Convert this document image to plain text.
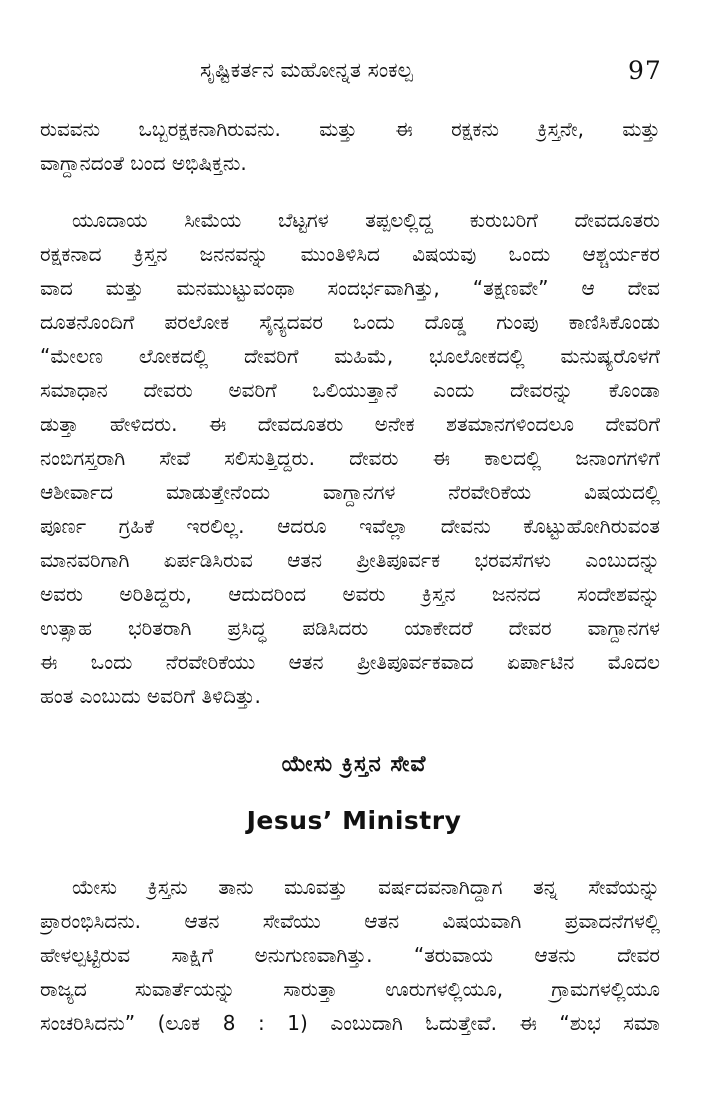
ಸೃಷ್ಟಿಕರ್ತನ ಮಹೋನ್ನತ ಸಂಕಲ್ಪ	97
ರುವವನು ಒಬ್ಬರಕ್ಷಕನಾಗಿರುವನು. ಮತ್ತು ಈ ರಕ್ಷಕನು ಕ್ರಿಸ್ತನೇ, ಮತ್ತು
ವಾಗ್ದಾನದಂತೆ ಬಂದ ಅಭಿಷಿಕ್ತನು.
ಯೂದಾಯ ಸೀಮೆಯ ಬೆಟ್ಟಗಳ ತಪ್ಪಲಲ್ಲಿದ್ದ ಕುರುಬರಿಗೆ ದೇವದೂತರು
ರಕ್ಷಕನಾದ ಕ್ರಿಸ್ತನ ಜನನವನ್ನು ಮುಂತಿಳಿಸಿದ ವಿಷಯವು ಒಂದು ಆಶ್ಚರ್ಯಕರ
ವಾದ ಮತ್ತು ಮನಮುಟ್ಟುವಂಥಾ ಸಂದರ್ಭವಾಗಿತ್ತು, “ತಕ್ಷಣವೇ” ಆ ದೇವ
ದೂತನೊಂದಿಗೆ ಪರಲೋಕ ಸೈನ್ಯದವರ ಒಂದು ದೊಡ್ಡ ಗುಂಪು ಕಾಣಿಸಿಕೊಂಡು
“ಮೇಲಣ ಲೋಕದಲ್ಲಿ ದೇವರಿಗೆ ಮಹಿಮೆ, ಭೂಲೋಕದಲ್ಲಿ ಮನುಷ್ಯರೊಳಗೆ
ಸಮಾಧಾನ ದೇವರು ಅವರಿಗೆ ಒಲಿಯುತ್ತಾನೆ ಎಂದು ದೇವರನ್ನು ಕೊಂಡಾ
ಡುತ್ತಾ ಹೇಳಿದರು. ಈ ದೇವದೂತರು ಅನೇಕ ಶತಮಾನಗಳಿಂದಲೂ ದೇವರಿಗೆ
ನಂಬಿಗಸ್ತರಾಗಿ ಸೇವೆ ಸಲಿಸುತ್ತಿದ್ದರು. ದೇವರು ಈ ಕಾಲದಲ್ಲಿ ಜನಾಂಗಗಳಿಗೆ
ಆಶೀರ್ವಾದ ಮಾಡುತ್ತೇನೆಂದು ವಾಗ್ದಾನಗಳ ನೆರವೇರಿಕೆಯ ವಿಷಯದಲ್ಲಿ
ಪೂರ್ಣ ಗ್ರಹಿಕೆ ಇರಲಿಲ್ಲ. ಆದರೂ ಇವೆಲ್ಲಾ ದೇವನು ಕೊಟ್ಟುಹೋಗಿರುವಂತ
ಮಾನವರಿಗಾಗಿ ಏರ್ಪಡಿಸಿರುವ ಆತನ ಪ್ರೀತಿಪೂರ್ವಕ ಭರವಸೆಗಳು ಎಂಬುದನ್ನು
ಅವರು ಅರಿತಿದ್ದರು, ಆದುದರಿಂದ ಅವರು ಕ್ರಿಸ್ತನ ಜನನದ ಸಂದೇಶವನ್ನು
ಉತ್ಸಾಹ ಭರಿತರಾಗಿ ಪ್ರಸಿದ್ಧ ಪಡಿಸಿದರು ಯಾಕೇದರೆ ದೇವರ ವಾಗ್ದಾನಗಳ
ಈ ಒಂದು ನೆರವೇರಿಕೆಯು ಆತನ ಪ್ರೀತಿಪೂರ್ವಕವಾದ ಏರ್ಪಾಟಿನ ಮೊದಲ
ಹಂತ ಎಂಬುದು ಅವರಿಗೆ ತಿಳಿದಿತ್ತು.
ಯೇಸು ಕ್ರಿಸ್ತನ ಸೇವೆ
Jesus’ Ministry
ಯೇಸು ಕ್ರಿಸ್ತನು ತಾನು ಮೂವತ್ತು ವರ್ಷದವನಾಗಿದ್ದಾಗ ತನ್ನ ಸೇವೆಯನ್ನು
ಪ್ರಾರಂಭಿಸಿದನು. ಆತನ ಸೇವೆಯು ಆತನ ವಿಷಯವಾಗಿ ಪ್ರವಾದನೆಗಳಲ್ಲಿ
ಹೇಳಲ್ಪಟ್ಟಿರುವ ಸಾಕ್ಷಿಗೆ ಅನುಗುಣವಾಗಿತ್ತು. “ತರುವಾಯ ಆತನು ದೇವರ
ರಾಜ್ಯದ ಸುವಾರ್ತೆಯನ್ನು ಸಾರುತ್ತಾ ಊರುಗಳಲ್ಲಿಯೂ, ಗ್ರಾಮಗಳಲ್ಲಿಯೂ
ಸಂಚರಿಸಿದನು” (ಲೂಕ 8 : 1) ಎಂಬುದಾಗಿ ಓದುತ್ತೇವೆ. ಈ “ಶುಭ ಸಮಾ
